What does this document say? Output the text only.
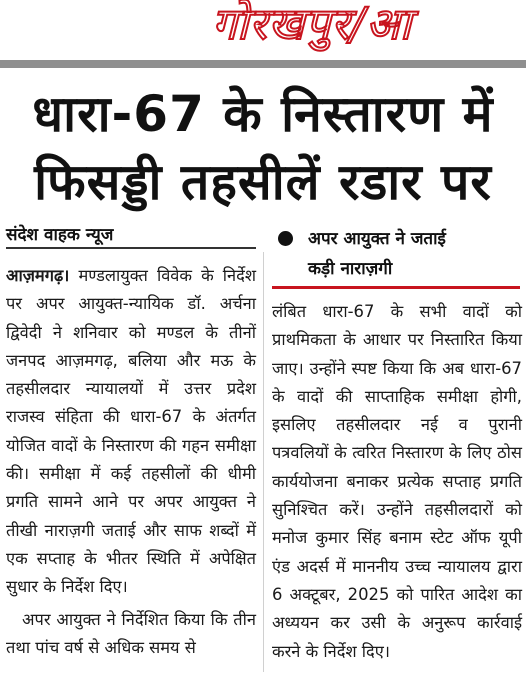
गोरखपुर/आ
धारा-67 के निस्तारण में
फिसड्डी तहसीलें रडार पर
संदेश वाहक न्यूज	अपर आयुक्त ने जताई
कड़ी नाराज़गी

आज़मगढ़। मण्डलायुक्त विवेक के निर्देश पर अपर आयुक्त-न्यायिक डॉ. अर्चना द्विवेदी ने शनिवार को मण्डल के तीनों जनपद आज़मगढ़, बलिया और मऊ के तहसीलदार न्यायालयों में उत्तर प्रदेश राजस्व संहिता की धारा-67 के अंतर्गत योजित वादों के निस्तारण की गहन समीक्षा की। समीक्षा में कई तहसीलों की धीमी प्रगति सामने आने पर अपर आयुक्त ने तीखी नाराज़गी जताई और साफ शब्दों में एक सप्ताह के भीतर स्थिति में अपेक्षित सुधार के निर्देश दिए।

अपर आयुक्त ने निर्देशित किया कि तीन तथा पांच वर्ष से अधिक समय से

लंबित धारा-67 के सभी वादों को प्राथमिकता के आधार पर निस्तारित किया जाए। उन्होंने स्पष्ट किया कि अब धारा-67 के वादों की साप्ताहिक समीक्षा होगी, इसलिए तहसीलदार नई व पुरानी पत्रवलियों के त्वरित निस्तारण के लिए ठोस कार्ययोजना बनाकर प्रत्येक सप्ताह प्रगति सुनिश्चित करें। उन्होंने तहसीलदारों को मनोज कुमार सिंह बनाम स्टेट ऑफ यूपी एंड अदर्स में माननीय उच्च न्यायालय द्वारा 6 अक्टूबर, 2025 को पारित आदेश का अध्ययन कर उसी के अनुरूप कार्रवाई करने के निर्देश दिए।
